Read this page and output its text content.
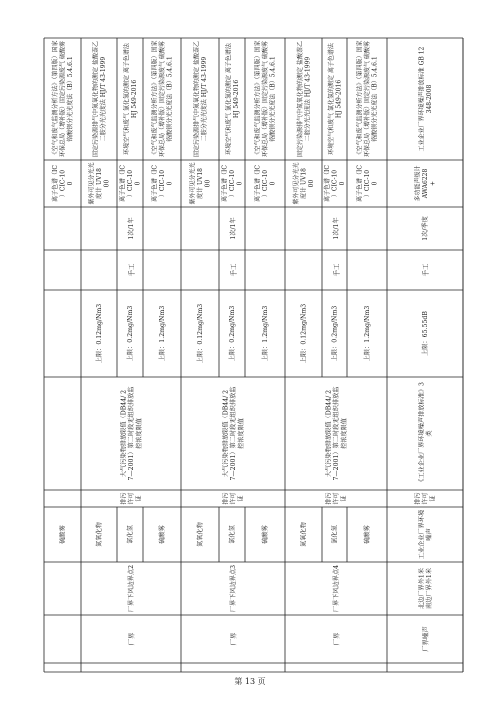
硫酸雾
离子色谱（IC ）CIC-10 0
《空气和废气监测分析方法》（第四版）国家 环保总局（增补版）固定污染源废气 硫酸雾 铬酸钡分光光度法（B）5.4.6.1
厂界
厂界下风边界点2
氮氧化物
排污 许可 证
大气污染物排放限值（DB44/ 2 7—2001）第二时段无组织排放监 控浓度限值
上限：0.12mg/Nm3
手工
1次/1年
紫外可见分光光 度计 UV18 00
固定污染源排气中氮氧化物的测定 盐酸萘乙 二胺分光光度法 HJ/T 43-1999
氯化氢
上限：0.2mg/Nm3
离子色谱（IC ）CIC-10 0
环境空气和废气 氯化氢的测定 离子色谱法 HJ 549-2016
硫酸雾
上限：1.2mg/Nm3
离子色谱（IC ）CIC-10 0
《空气和废气监测分析方法》（第四版）国家 环保总局（增补版）固定污染源废气 硫酸雾 铬酸钡分光光度法（B）5.4.6.1
厂界
厂界下风边界点3
氮氧化物
排污 许可 证
大气污染物排放限值（DB44/ 2 7—2001）第二时段无组织排放监 控浓度限值
上限：0.12mg/Nm3
手工
1次/1年
紫外可见分光光 度计 UV18 00
固定污染源排气中氮氧化物的测定 盐酸萘乙 二胺分光光度法 HJ/T 43-1999
氯化氢
上限：0.2mg/Nm3
离子色谱（IC ）CIC-10 0
环境空气和废气 氯化氢的测定 离子色谱法 HJ 549-2016
硫酸雾
上限：1.2mg/Nm3
离子色谱（IC ）CIC-10 0
《空气和废气监测分析方法》（第四版）国家 环保总局（增补版）固定污染源废气 硫酸雾 铬酸钡分光光度法（B）5.4.6.1
厂界
厂界下风边界点4
氮氧化物
排污 许可 证
大气污染物排放限值（DB44/ 2 7—2001）第二时段无组织排放监 控浓度限值
上限：0.12mg/Nm3
手工
1次/1年
紫外可见分光光 度计 UV18 00
固定污染源排气中氮氧化物的测定 盐酸萘乙 二胺分光光度法 HJ/T 43-1999
氯化氢
上限：0.2mg/Nm3
离子色谱（IC ）CIC-10 0
环境空气和废气 氯化氢的测定 离子色谱法 HJ 549-2016
硫酸雾
上限：1.2mg/Nm3
离子色谱（IC ）CIC-10 0
《空气和废气监测分析方法》（第四版）国家 环保总局（增补版）固定污染源废气 硫酸雾 铬酸钡分光光度法（B）5.4.6.1
厂界噪声
北边厂界外1米 南边厂界外1米
工业企业厂界环境 噪声
排污 许可 证
《工业企业厂界环境噪声排放标准》3 类
上限：65.55dB
手工
1次/季度
多功能声级计 AWA6228 +
工业企业厂界环境噪声排放标准 GB 12 348-2008
第 13 页
